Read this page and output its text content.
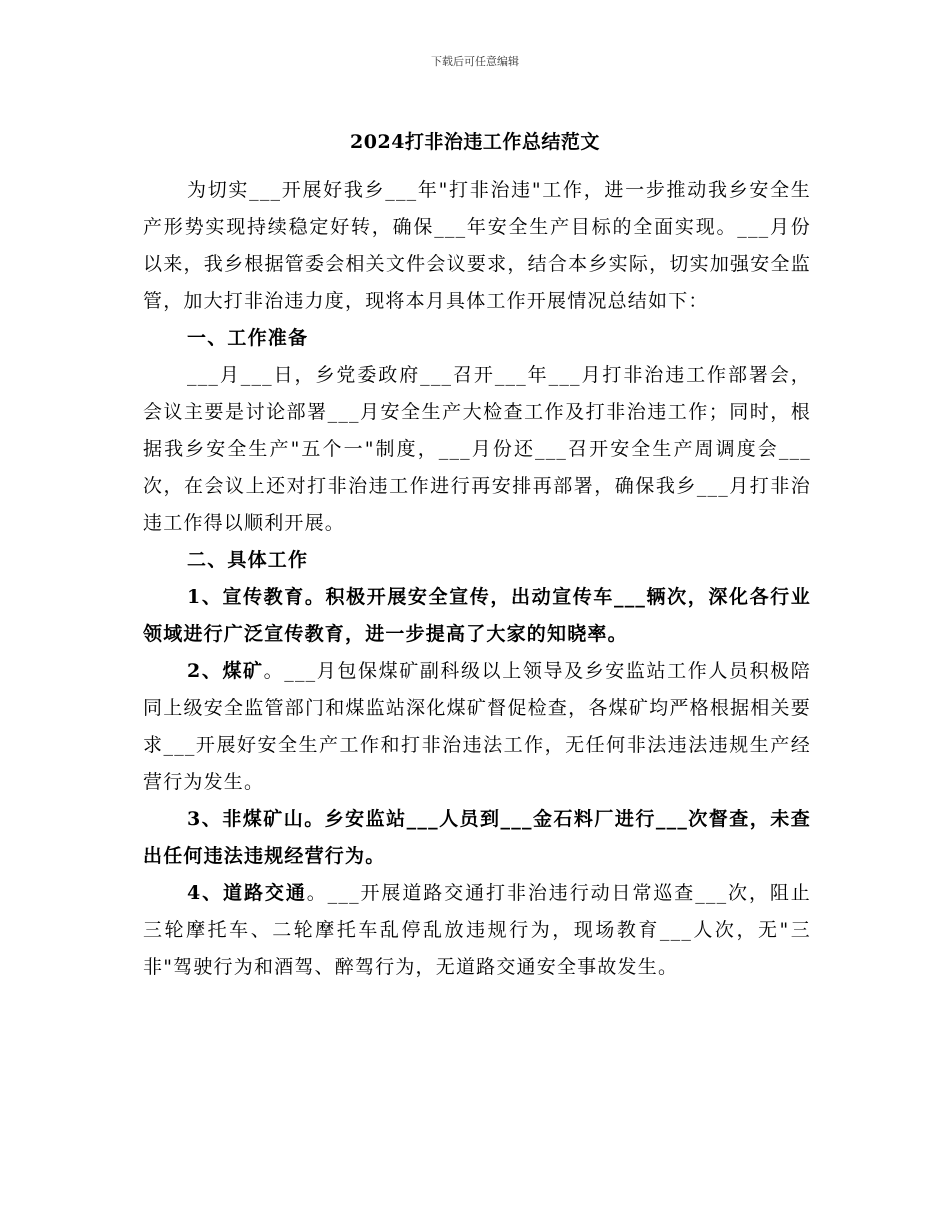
下载后可任意编辑
2024打非治违工作总结范文

为切实___开展好我乡___年"打非治违"工作，进一步推动我乡安全生产形势实现持续稳定好转，确保___年安全生产目标的全面实现。___月份以来，我乡根据管委会相关文件会议要求，结合本乡实际，切实加强安全监管，加大打非治违力度，现将本月具体工作开展情况总结如下：

一、工作准备

___月___日，乡党委政府___召开___年___月打非治违工作部署会，会议主要是讨论部署___月安全生产大检查工作及打非治违工作；同时，根据我乡安全生产"五个一"制度，___月份还___召开安全生产周调度会___次，在会议上还对打非治违工作进行再安排再部署，确保我乡___月打非治违工作得以顺利开展。

二、具体工作

1、宣传教育。积极开展安全宣传，出动宣传车___辆次，深化各行业领域进行广泛宣传教育，进一步提高了大家的知晓率。

2、煤矿。___月包保煤矿副科级以上领导及乡安监站工作人员积极陪同上级安全监管部门和煤监站深化煤矿督促检查，各煤矿均严格根据相关要求___开展好安全生产工作和打非治违法工作，无任何非法违法违规生产经营行为发生。

3、非煤矿山。乡安监站___人员到___金石料厂进行___次督查，未查出任何违法违规经营行为。

4、道路交通。___开展道路交通打非治违行动日常巡查___次，阻止三轮摩托车、二轮摩托车乱停乱放违规行为，现场教育___人次，无"三非"驾驶行为和酒驾、醉驾行为，无道路交通安全事故发生。
